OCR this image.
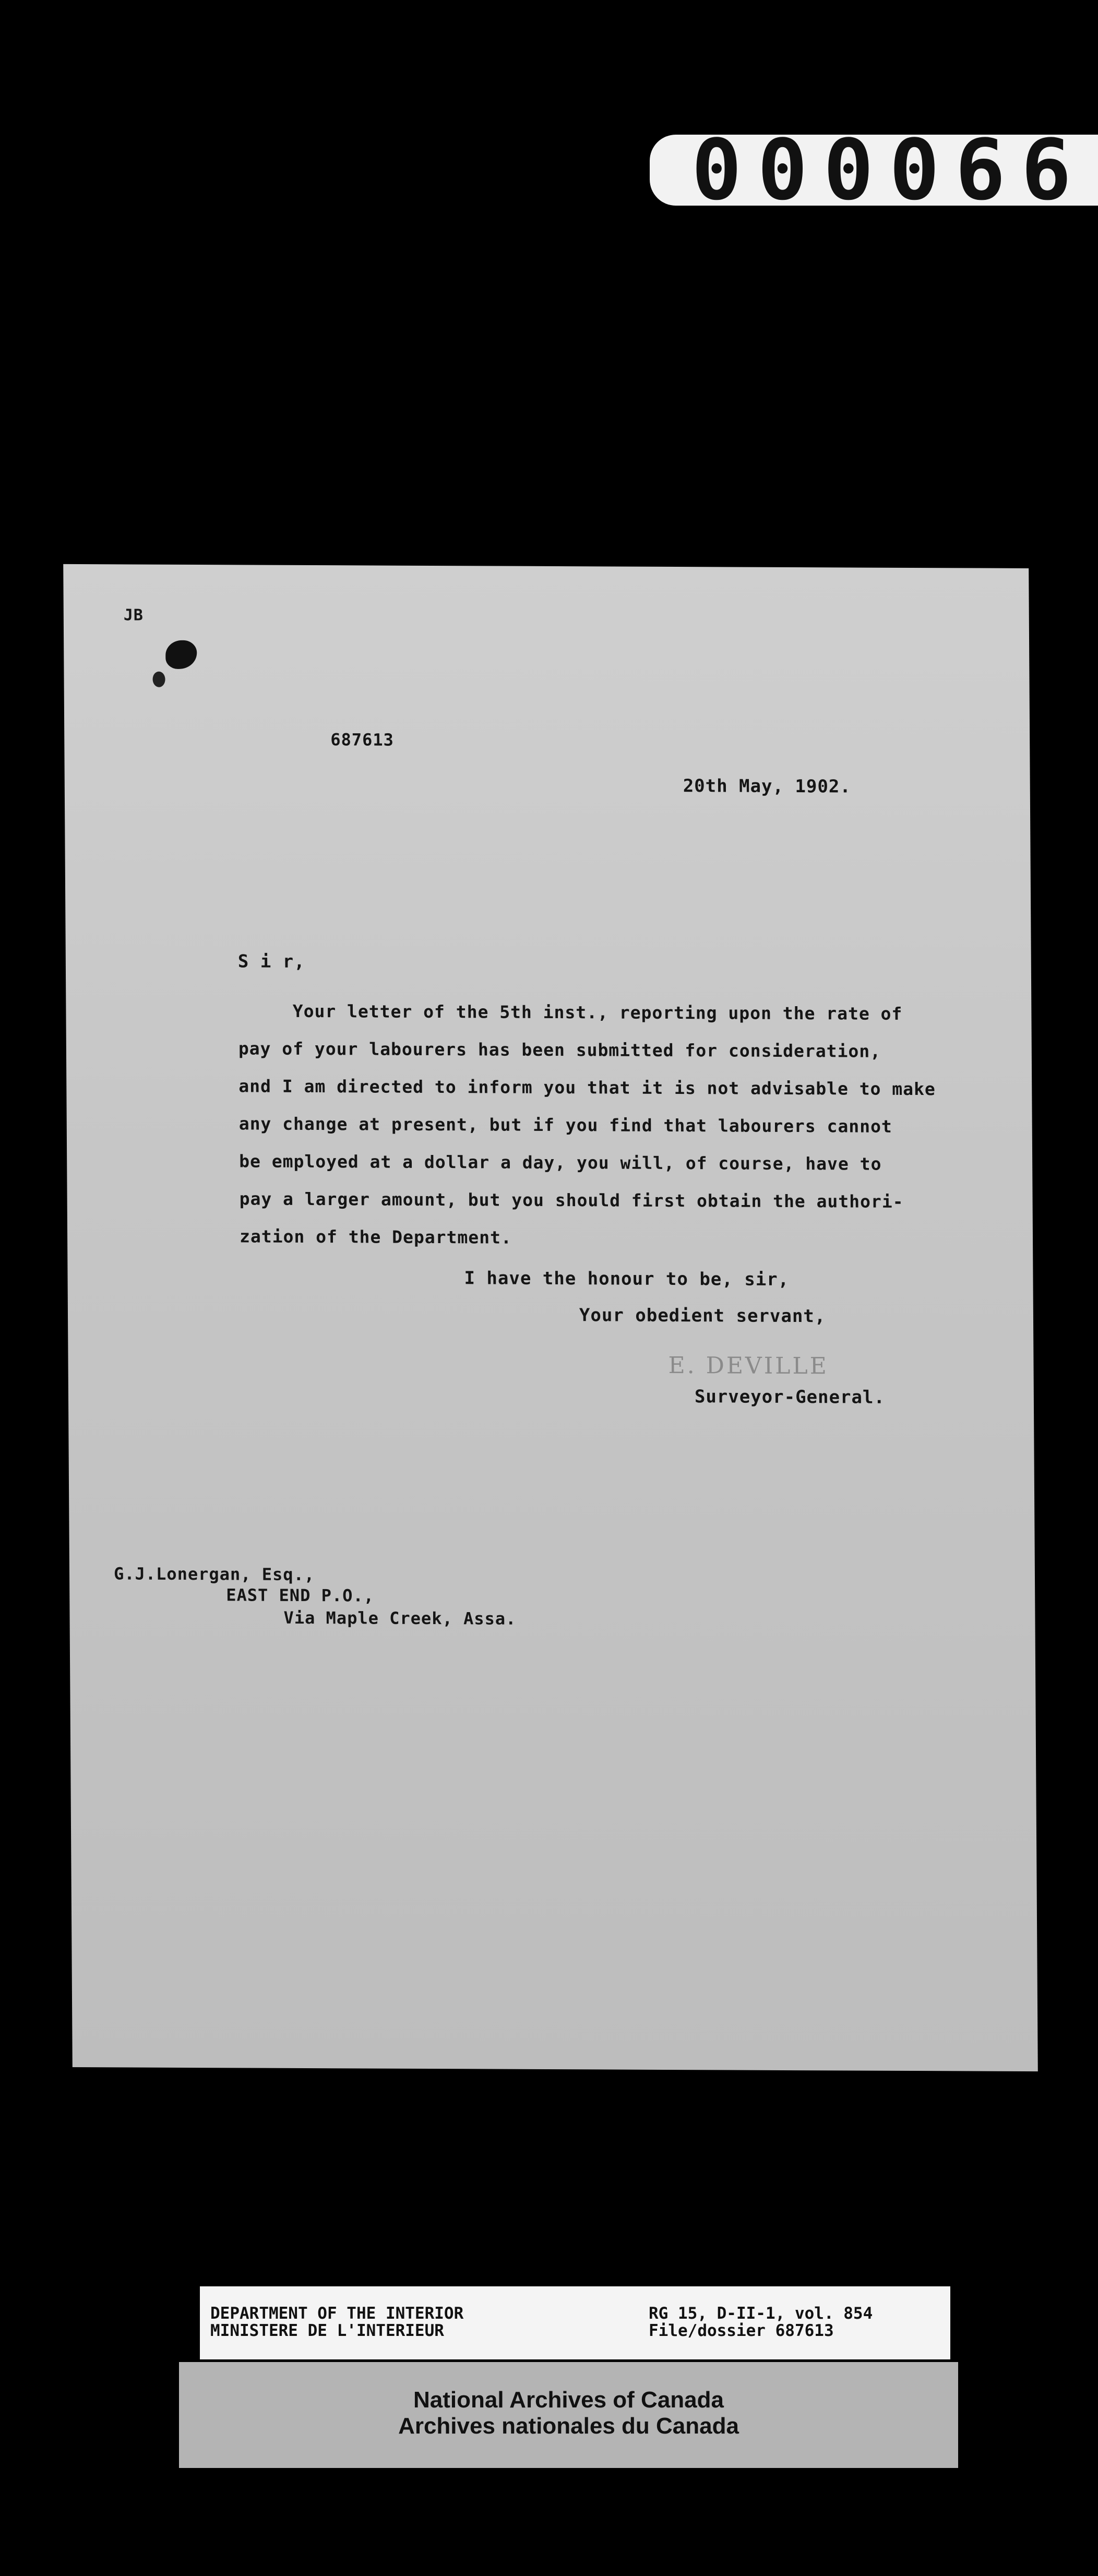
000066
JB
687613
20th May, 1902.
S i r,
Your letter of the 5th inst., reporting upon the rate of
pay of your labourers has been submitted for consideration,
and I am directed to inform you that it is not advisable to make
any change at present, but if you find that labourers cannot
be employed at a dollar a day, you will, of course, have to
pay a larger amount, but you should first obtain the authori-
zation of the Department.
I have the honour to be, sir,
Your obedient servant,
E. DEVILLE
Surveyor-General.
G.J.Lonergan, Esq.,
EAST END P.O.,
Via Maple Creek, Assa.
DEPARTMENT OF THE INTERIOR
MINISTERE DE L'INTERIEUR
RG 15, D-II-1, vol. 854
File/dossier 687613
National Archives of Canada
Archives nationales du Canada
